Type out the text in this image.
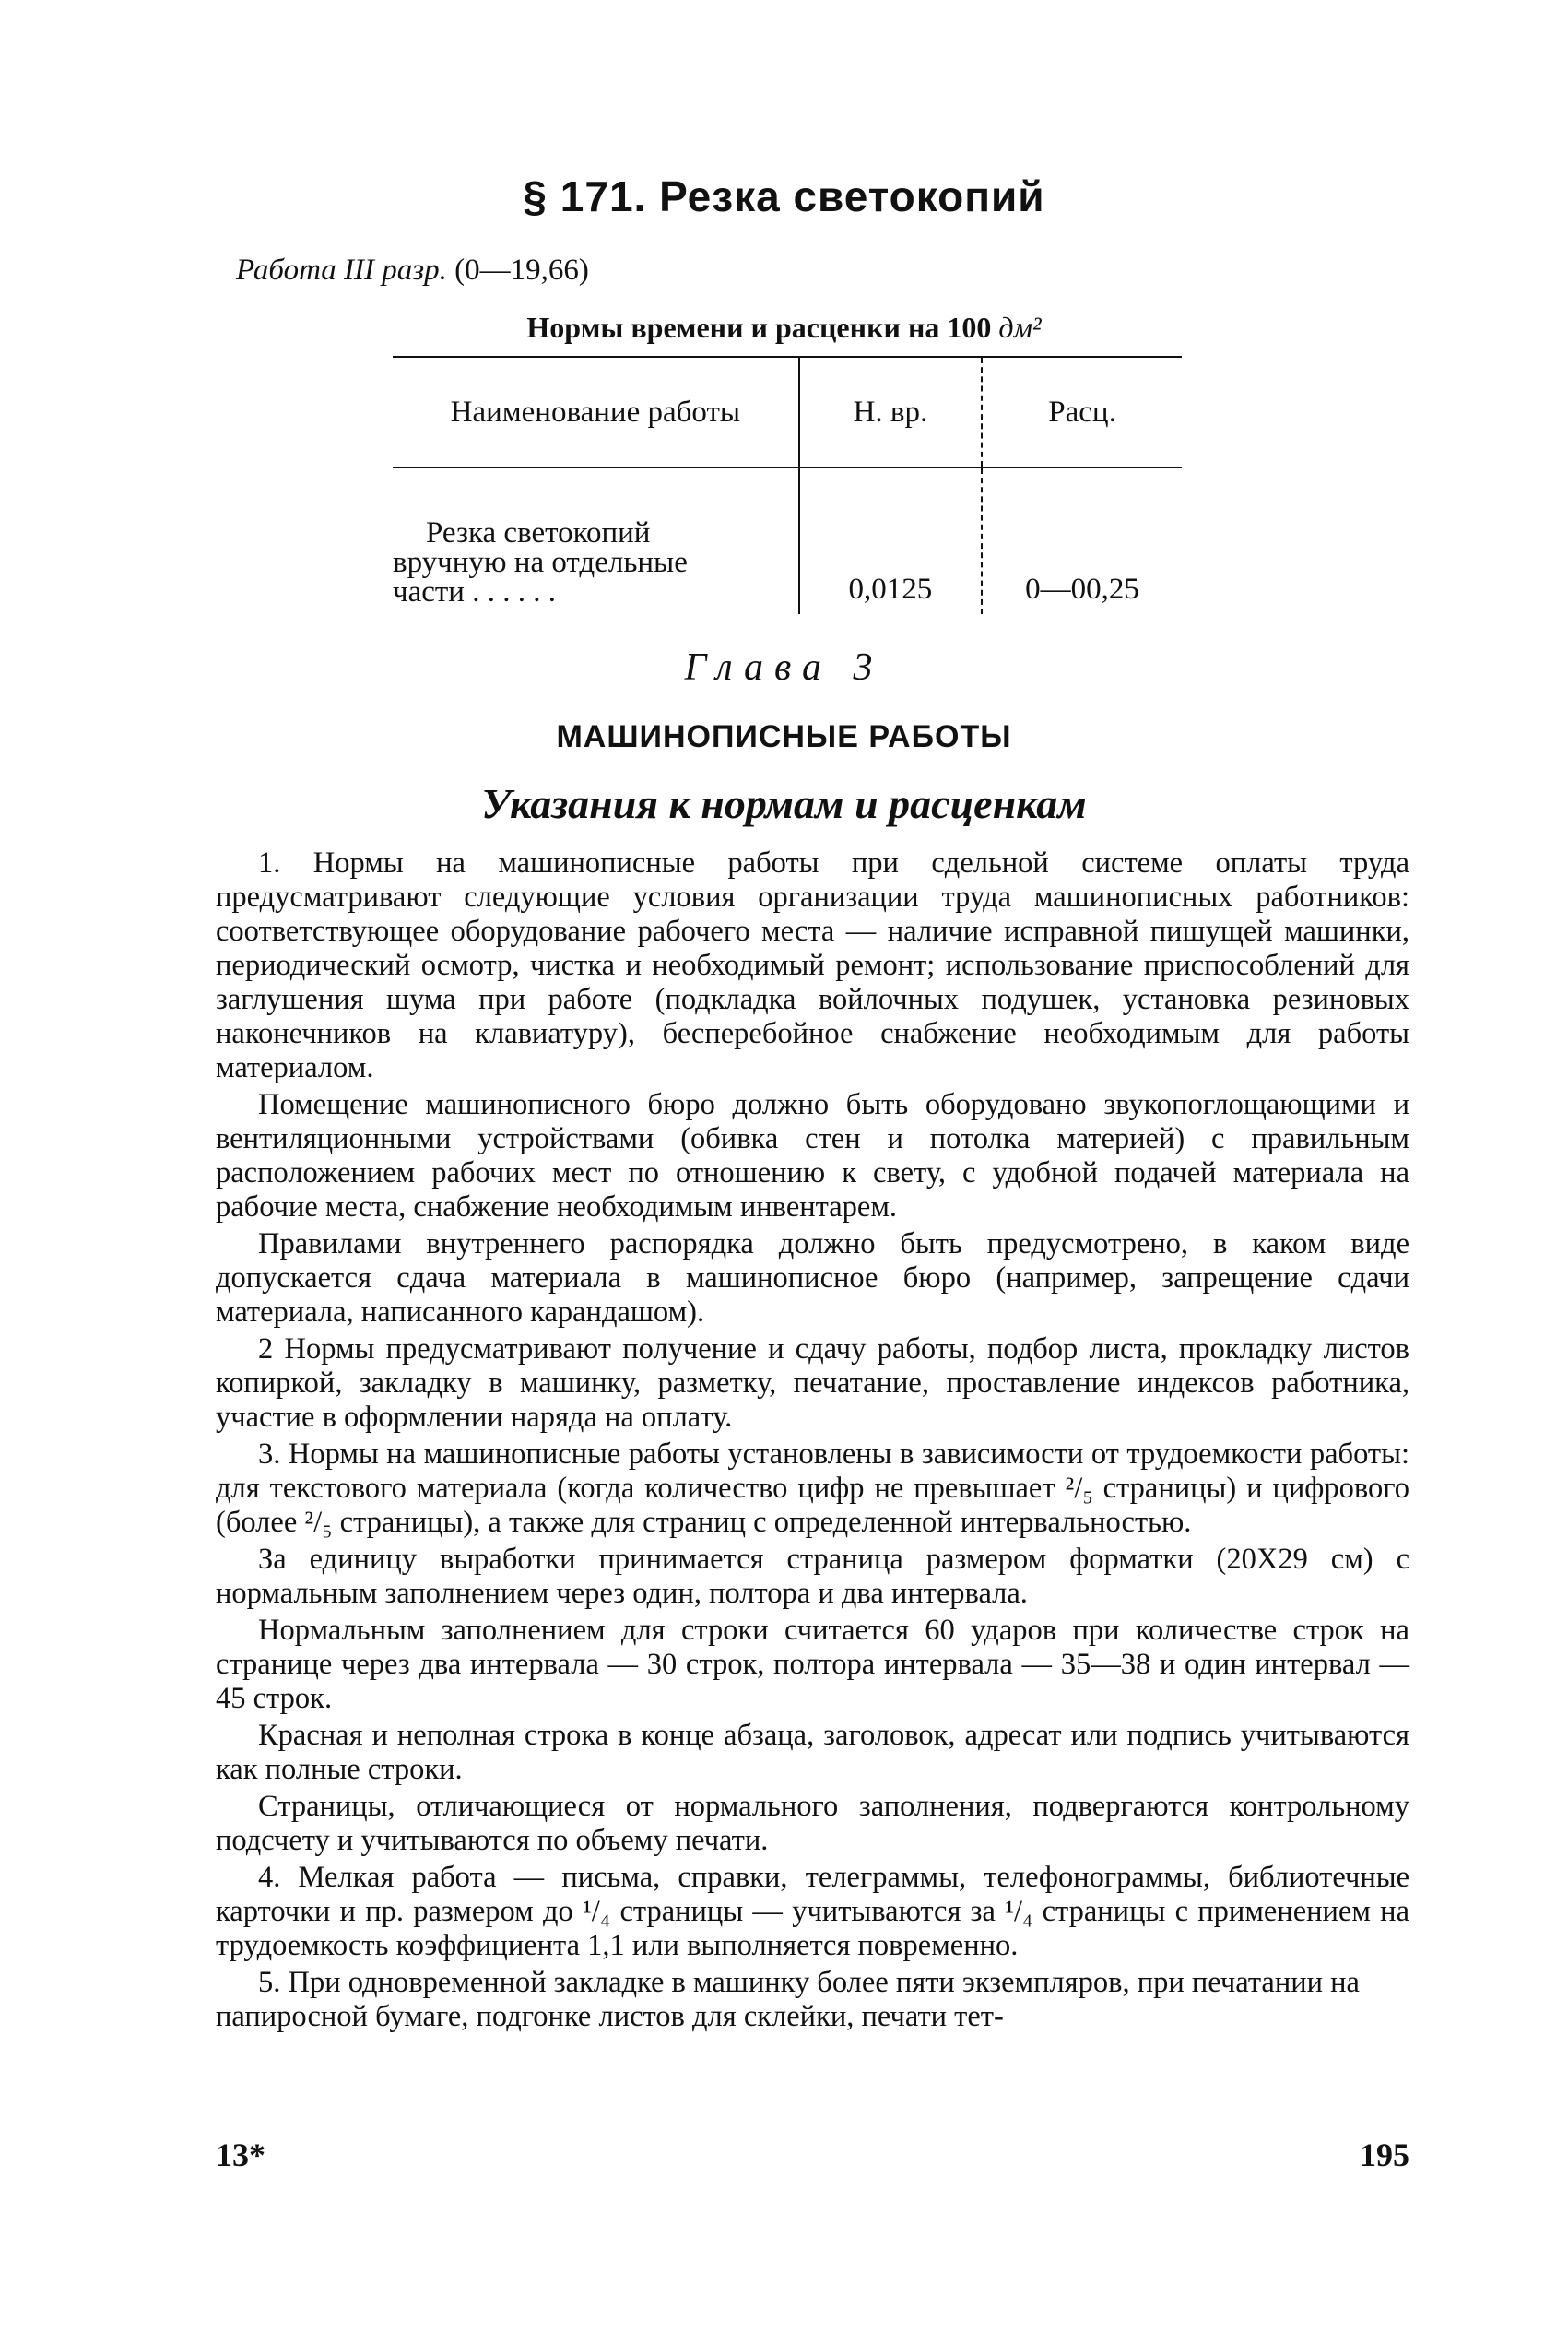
§ 171. Резка светокопий
Работа III разр. (0—19,66)
Нормы времени и расценки на 100 дм²
Наименование работы	Н. вр.	Расц.

Резка светокопий
вручную на отдельные
части . . . . . .	0,0125	0—00,25
Глава 3
МАШИНОПИСНЫЕ РАБОТЫ
Указания к нормам и расценкам

1. Нормы на машинописные работы при сдельной системе оплаты труда предусматривают следующие условия организации труда машинописных работников: соответствующее оборудование рабочего места — наличие исправной пишущей машинки, периодический осмотр, чистка и необходимый ремонт; использование приспособлений для заглушения шума при работе (подкладка войлочных подушек, установка резиновых наконечников на клавиатуру), бесперебойное снабжение необходимым для работы материалом.

Помещение машинописного бюро должно быть оборудовано звукопоглощающими и вентиляционными устройствами (обивка стен и потолка материей) с правильным расположением рабочих мест по отношению к свету, с удобной подачей материала на рабочие места, снабжение необходимым инвентарем.

Правилами внутреннего распорядка должно быть предусмотрено, в каком виде допускается сдача материала в машинописное бюро (например, запрещение сдачи материала, написанного карандашом).

2 Нормы предусматривают получение и сдачу работы, подбор листа, прокладку листов копиркой, закладку в машинку, разметку, печатание, проставление индексов работника, участие в оформлении наряда на оплату.

3. Нормы на машинописные работы установлены в зависимости от трудоемкости работы: для текстового материала (когда количество цифр не превышает ²/₅ страницы) и цифрового (более ²/₅ страницы), а также для страниц с определенной интервальностью.

За единицу выработки принимается страница размером форматки (20X29 см) с нормальным заполнением через один, полтора и два интервала.

Нормальным заполнением для строки считается 60 ударов при количестве строк на странице через два интервала — 30 строк, полтора интервала — 35—38 и один интервал — 45 строк.

Красная и неполная строка в конце абзаца, заголовок, адресат или подпись учитываются как полные строки.

Страницы, отличающиеся от нормального заполнения, подвергаются контрольному подсчету и учитываются по объему печати.

4. Мелкая работа — письма, справки, телеграммы, телефонограммы, библиотечные карточки и пр. размером до ¹/₄ страницы — учитываются за ¹/₄ страницы с применением на трудоемкость коэффициента 1,1 или выполняется повременно.

5. При одновременной закладке в машинку более пяти экземпляров, при печатании на папиросной бумаге, подгонке листов для склейки, печати тет-

13*	195
